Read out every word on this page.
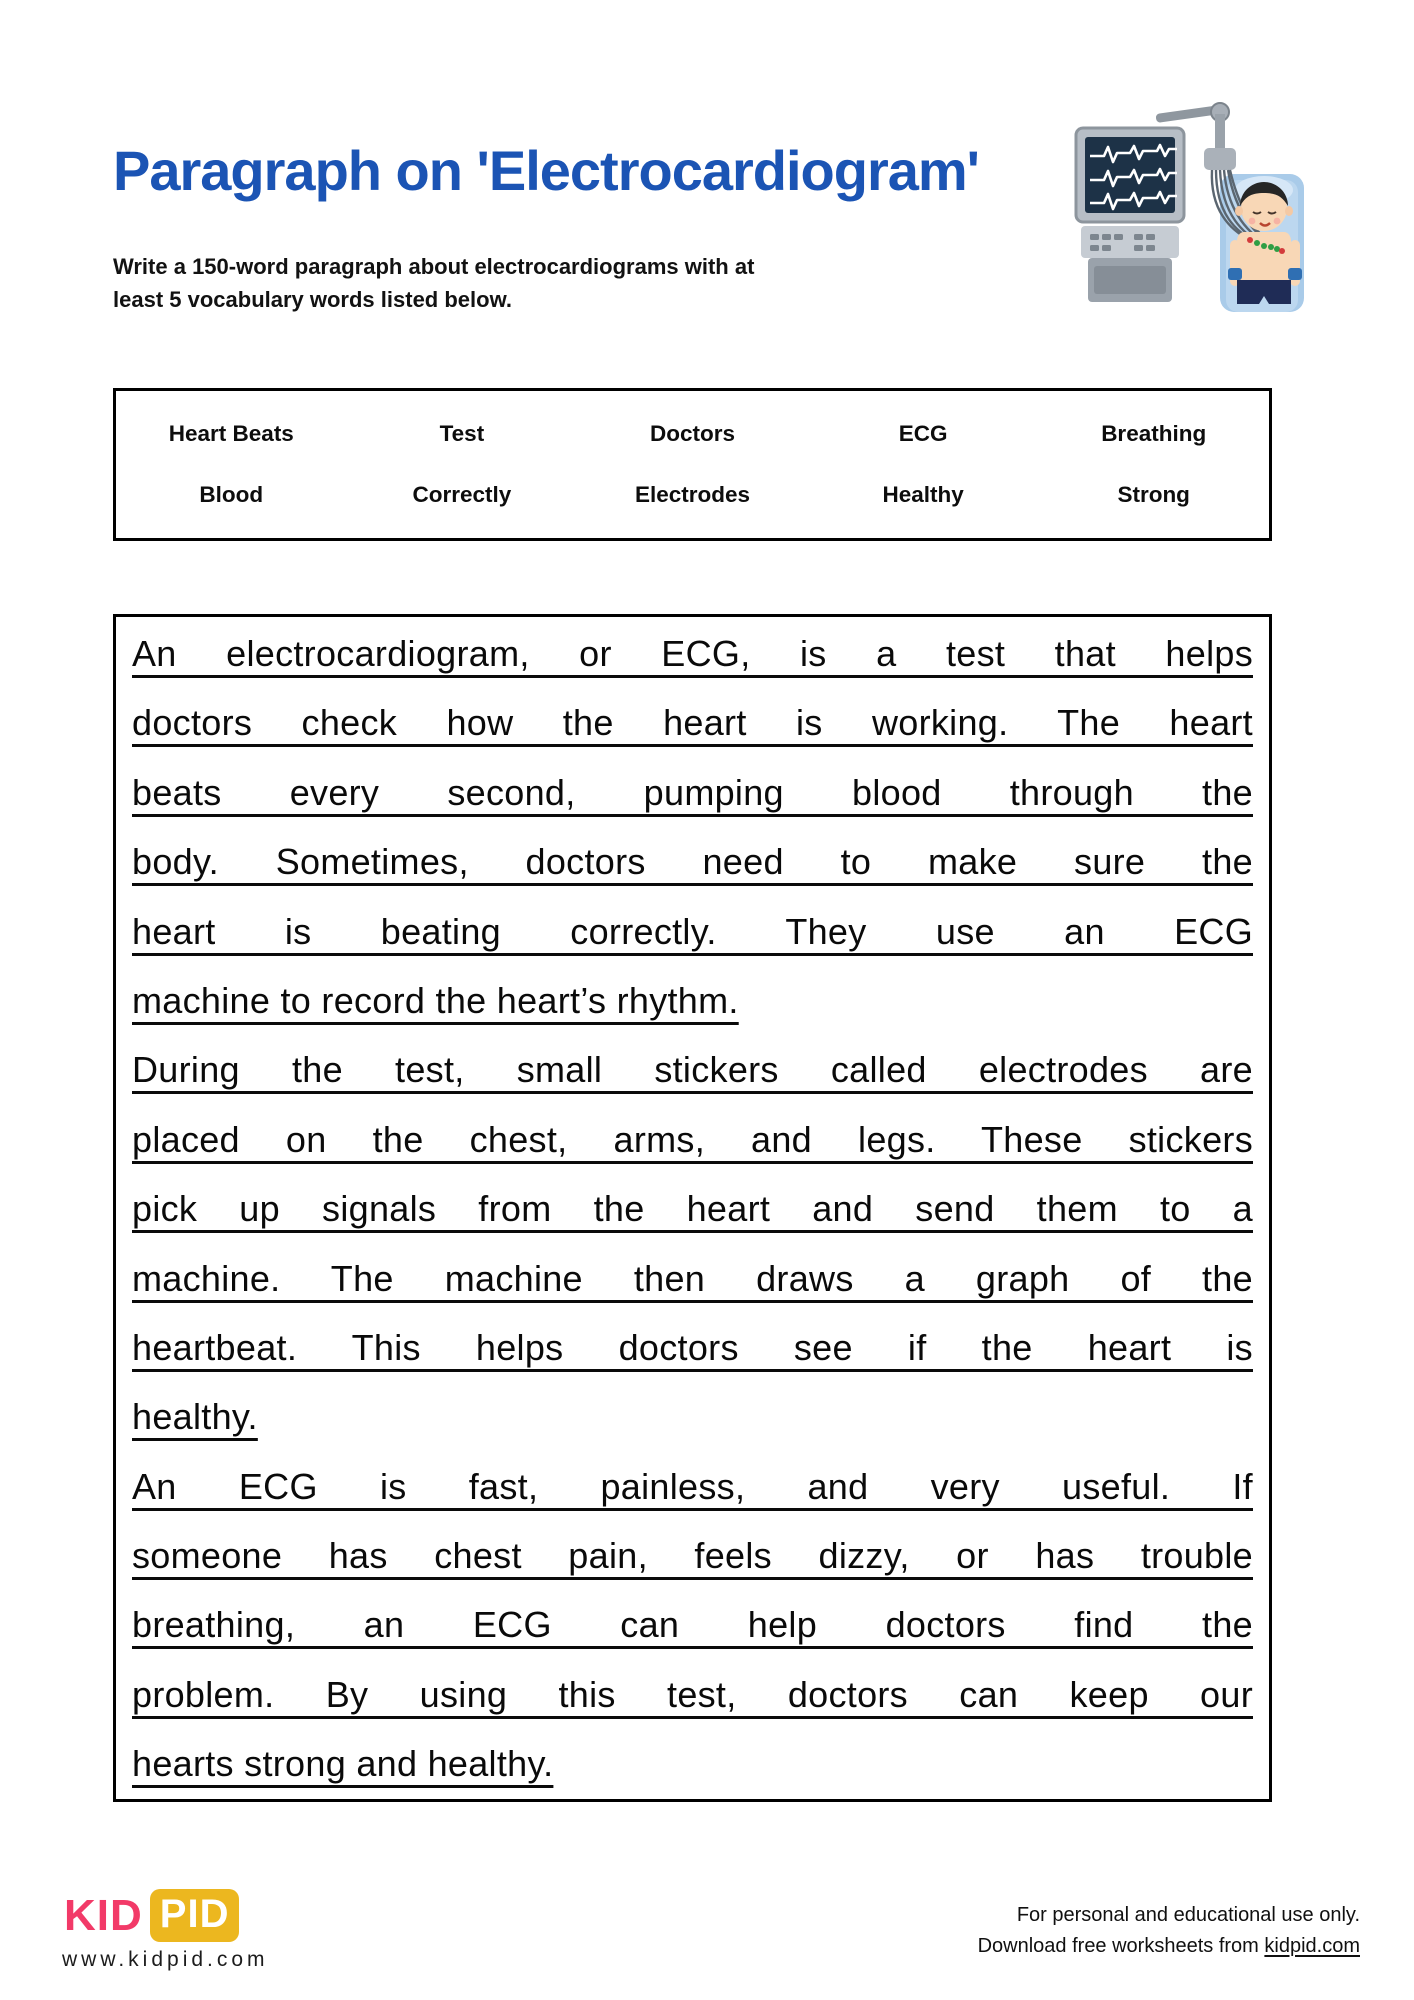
Paragraph on 'Electrocardiogram'
Write a 150-word paragraph about electrocardiograms with at
least 5 vocabulary words listed below.
Heart Beats	Test	Doctors	ECG	Breathing
Blood	Correctly	Electrodes	Healthy	Strong
An electrocardiogram, or ECG, is a test that helps
doctors check how the heart is working. The heart
beats every second, pumping blood through the
body. Sometimes, doctors need to make sure the
heart is beating correctly. They use an ECG
machine to record the heart’s rhythm.
During the test, small stickers called electrodes are
placed on the chest, arms, and legs. These stickers
pick up signals from the heart and send them to a
machine. The machine then draws a graph of the
heartbeat. This helps doctors see if the heart is
healthy.
An ECG is fast, painless, and very useful. If
someone has chest pain, feels dizzy, or has trouble
breathing, an ECG can help doctors find the
problem. By using this test, doctors can keep our
hearts strong and healthy.
KID PID
www.kidpid.com
For personal and educational use only.
Download free worksheets from kidpid.com
